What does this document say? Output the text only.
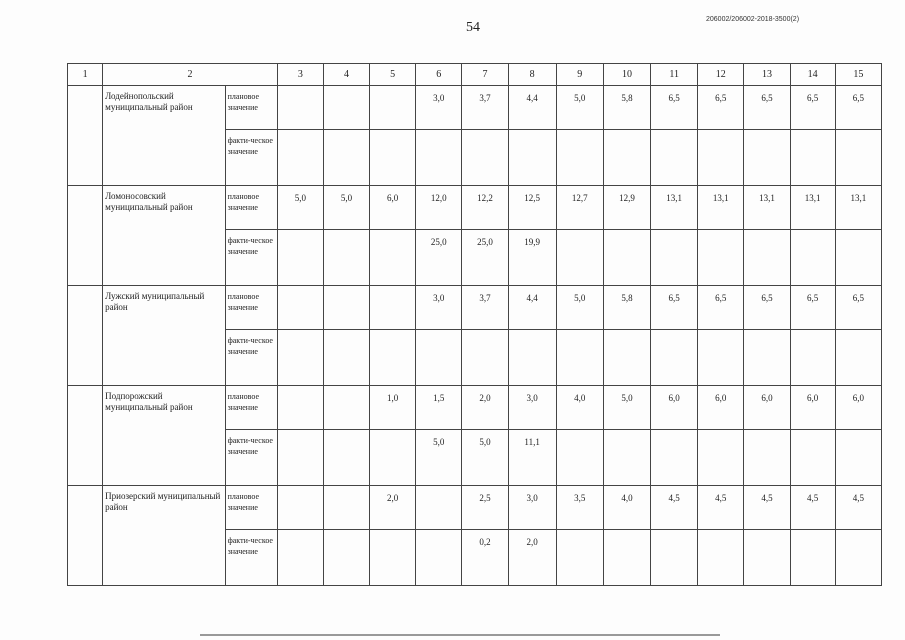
54
206002/206002-2018-3500(2)
1	2		3	4	5	6	7	8	9	10	11	12	13	14	15
	Лодейнопольский муниципальный район	плановое значение				3,0	3,7	4,4	5,0	5,8	6,5	6,5	6,5	6,5	6,5
		факти-ческое значение													
	Ломоносовский муниципальный район	плановое значение	5,0	5,0	6,0	12,0	12,2	12,5	12,7	12,9	13,1	13,1	13,1	13,1	13,1
		факти-ческое значение				25,0	25,0	19,9							
	Лужский муниципальный район	плановое значение				3,0	3,7	4,4	5,0	5,8	6,5	6,5	6,5	6,5	6,5
		факти-ческое значение													
	Подпорожский муниципальный район	плановое значение			1,0	1,5	2,0	3,0	4,0	5,0	6,0	6,0	6,0	6,0	6,0
		факти-ческое значение				5,0	5,0	11,1							
	Приозерский муниципальный район	плановое значение			2,0		2,5	3,0	3,5	4,0	4,5	4,5	4,5	4,5	4,5
		факти-ческое значение					0,2	2,0							
